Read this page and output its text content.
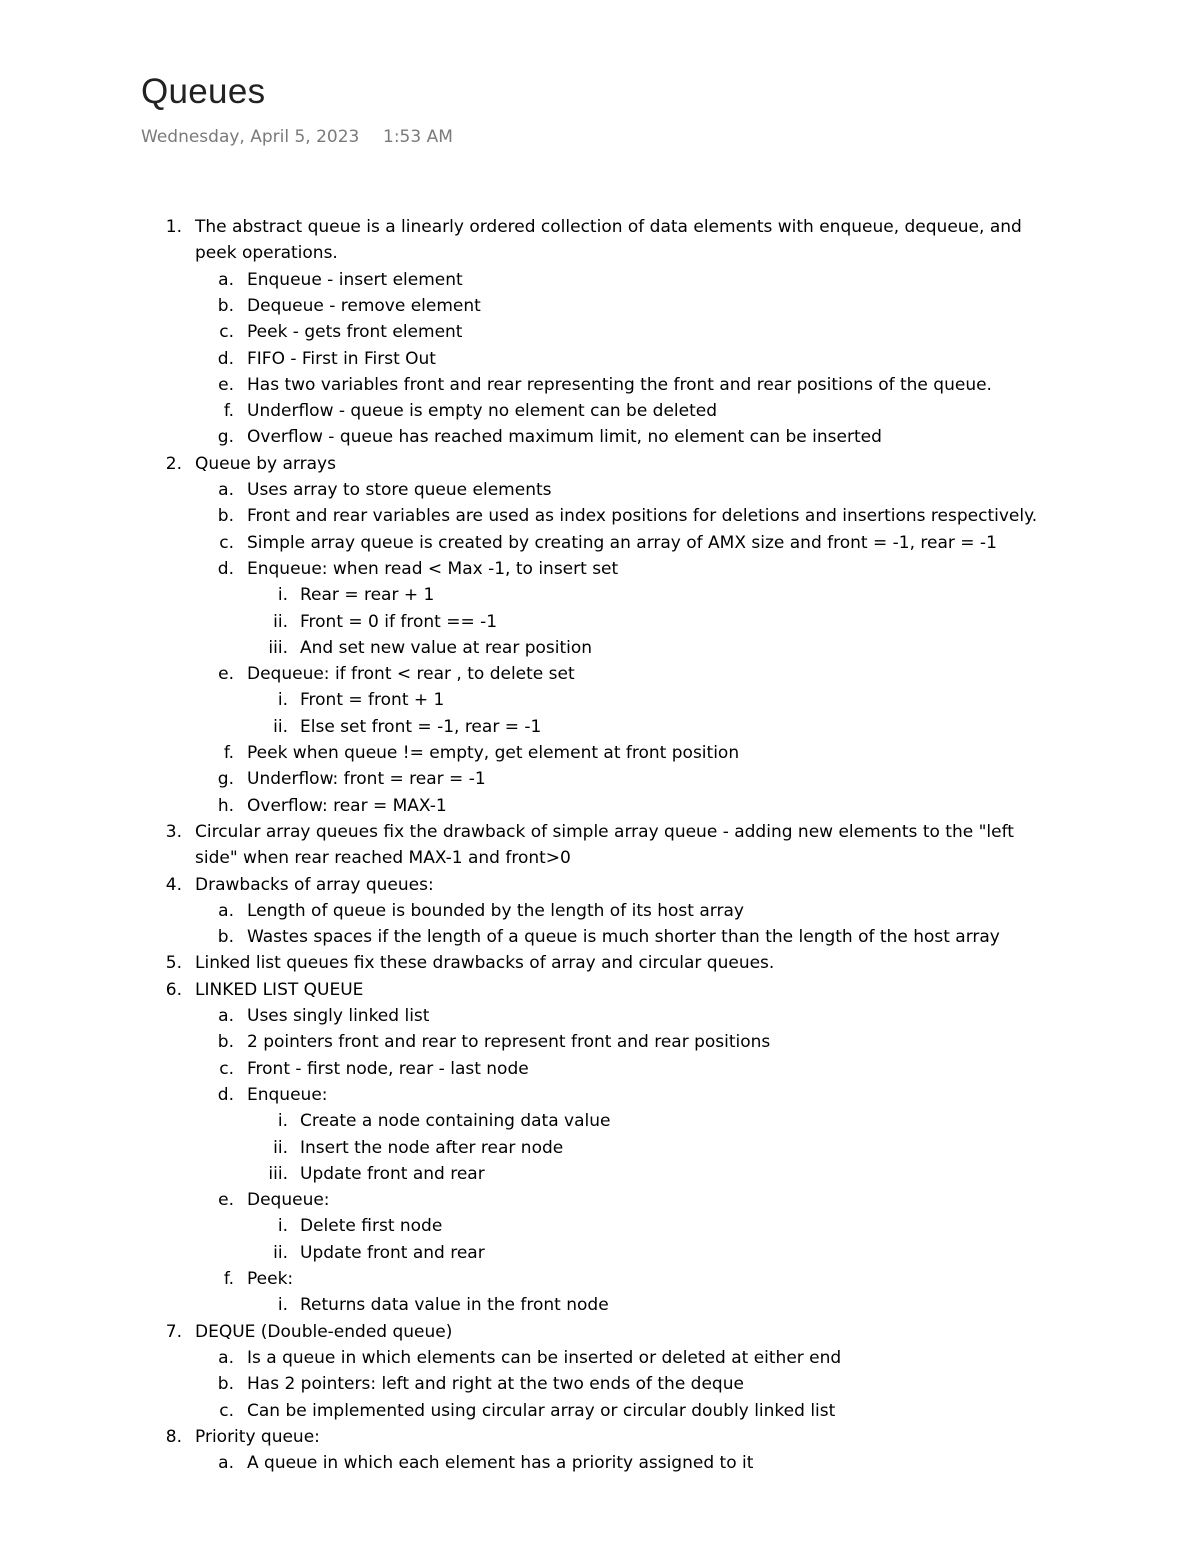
Queues
Wednesday, April 5, 2023 1:53 AM
1. The abstract queue is a linearly ordered collection of data elements with enqueue, dequeue, and
peek operations.
a. Enqueue - insert element
b. Dequeue - remove element
c. Peek - gets front element
d. FIFO - First in First Out
e. Has two variables front and rear representing the front and rear positions of the queue.
f. Underflow - queue is empty no element can be deleted
g. Overflow - queue has reached maximum limit, no element can be inserted
2. Queue by arrays
a. Uses array to store queue elements
b. Front and rear variables are used as index positions for deletions and insertions respectively.
c. Simple array queue is created by creating an array of AMX size and front = -1, rear = -1
d. Enqueue: when read < Max -1, to insert set
i. Rear = rear + 1
ii. Front = 0 if front == -1
iii. And set new value at rear position
e. Dequeue: if front < rear , to delete set
i. Front = front + 1
ii. Else set front = -1, rear = -1
f. Peek when queue != empty, get element at front position
g. Underflow: front = rear = -1
h. Overflow: rear = MAX-1
3. Circular array queues fix the drawback of simple array queue - adding new elements to the "left
side" when rear reached MAX-1 and front>0
4. Drawbacks of array queues:
a. Length of queue is bounded by the length of its host array
b. Wastes spaces if the length of a queue is much shorter than the length of the host array
5. Linked list queues fix these drawbacks of array and circular queues.
6. LINKED LIST QUEUE
a. Uses singly linked list
b. 2 pointers front and rear to represent front and rear positions
c. Front - first node, rear - last node
d. Enqueue:
i. Create a node containing data value
ii. Insert the node after rear node
iii. Update front and rear
e. Dequeue:
i. Delete first node
ii. Update front and rear
f. Peek:
i. Returns data value in the front node
7. DEQUE (Double-ended queue)
a. Is a queue in which elements can be inserted or deleted at either end
b. Has 2 pointers: left and right at the two ends of the deque
c. Can be implemented using circular array or circular doubly linked list
8. Priority queue:
a. A queue in which each element has a priority assigned to it
